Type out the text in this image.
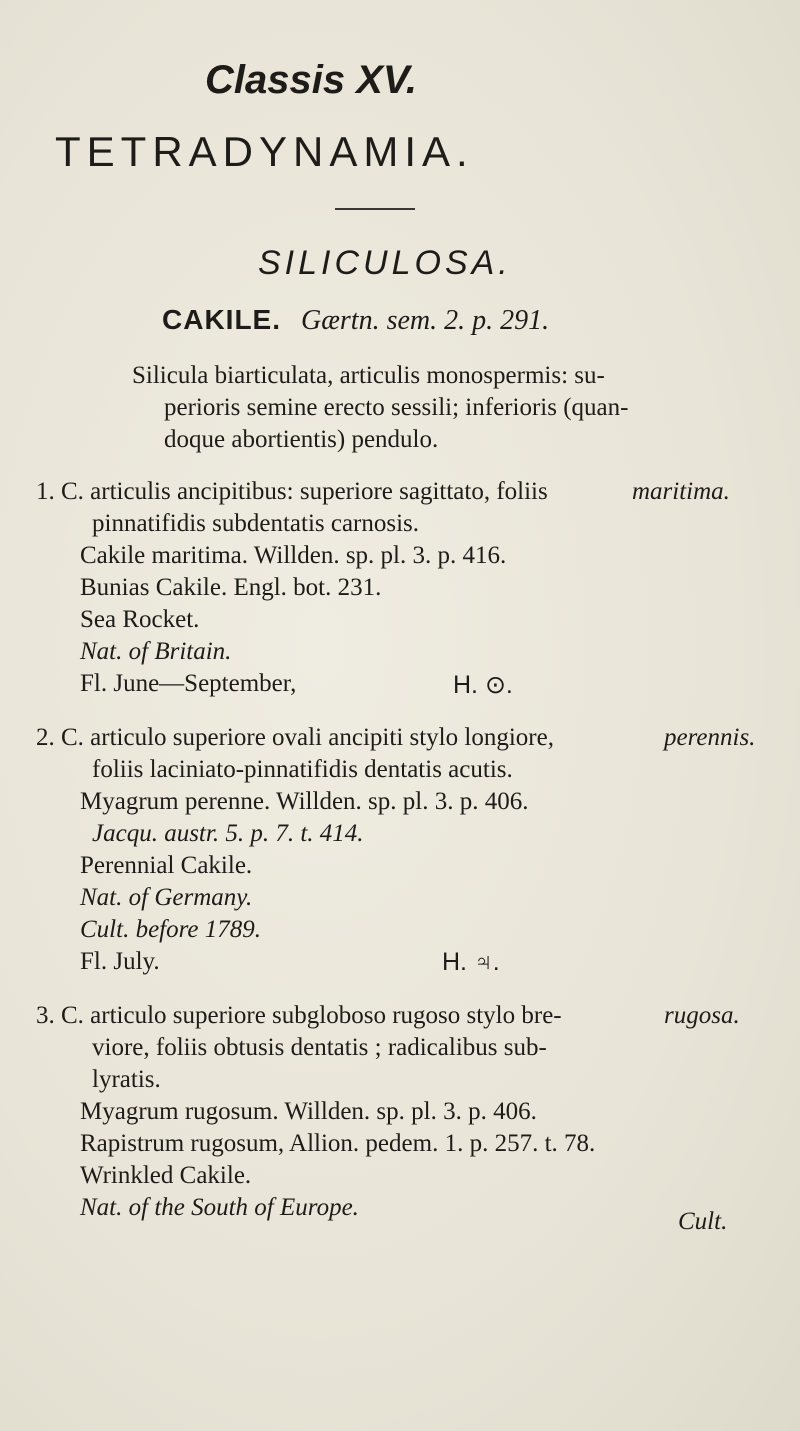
Classis XV.
TETRADYNAMIA.
SILICULOSA.
CAKILE. Gærtn. sem. 2. p. 291.
Silicula biarticulata, articulis monospermis: su-
perioris semine erecto sessili; inferioris (quan-
doque abortientis) pendulo.
1. C. articulis ancipitibus: superiore sagittato, foliis	maritima.
pinnatifidis subdentatis carnosis.
Cakile maritima. Willden. sp. pl. 3. p. 416.
Bunias Cakile. Engl. bot. 231.
Sea Rocket.
Nat. of Britain.
Fl. June—September,	H. ⊙.
2. C. articulo superiore ovali ancipiti stylo longiore,	perennis.
foliis laciniato-pinnatifidis dentatis acutis.
Myagrum perenne. Willden. sp. pl. 3. p. 406.
Jacqu. austr. 5. p. 7. t. 414.
Perennial Cakile.
Nat. of Germany.
Cult. before 1789.
Fl. July.	H. ♃.
3. C. articulo superiore subgloboso rugoso stylo bre-	rugosa.
viore, foliis obtusis dentatis ; radicalibus sub-
lyratis.
Myagrum rugosum. Willden. sp. pl. 3. p. 406.
Rapistrum rugosum, Allion. pedem. 1. p. 257. t. 78.
Wrinkled Cakile.
Nat. of the South of Europe.
Cult.
